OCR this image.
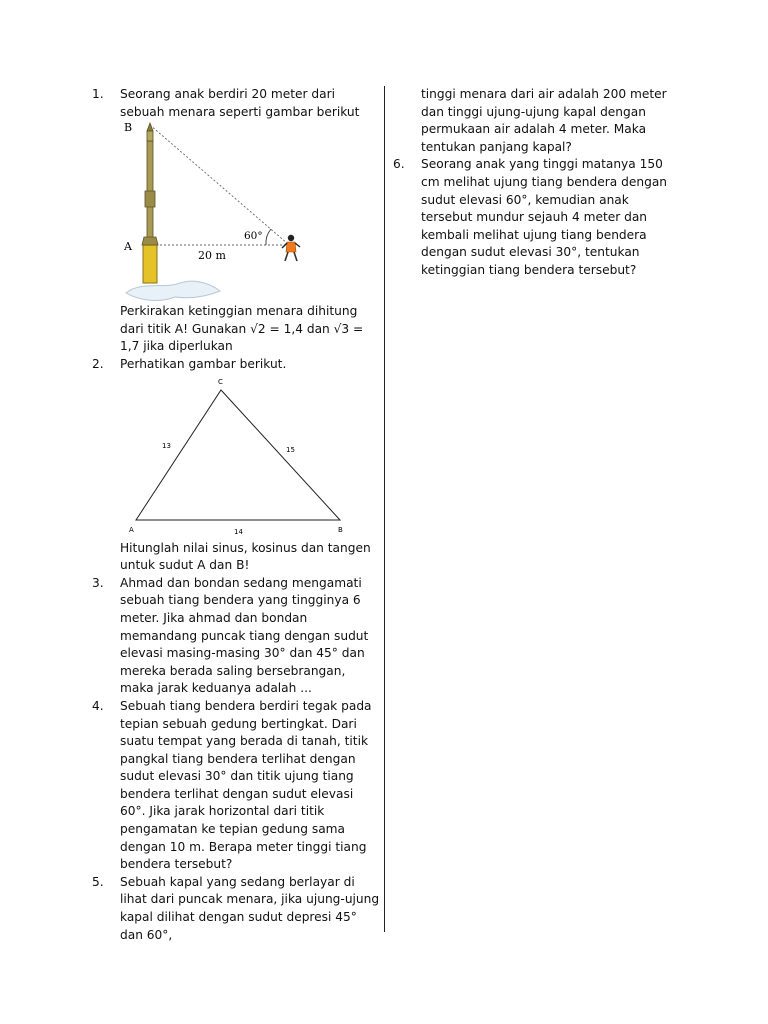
1.	Seorang anak berdiri 20 meter dari sebuah menara seperti gambar berikut

B
A
60°
20 m

Perkirakan ketinggian menara dihitung dari titik A! Gunakan √2 = 1,4 dan √3 = 1,7 jika diperlukan

2.	Perhatikan gambar berikut.

C
A	B
13	15
14

Hitunglah nilai sinus, kosinus dan tangen untuk sudut A dan B!

3.	Ahmad dan bondan sedang mengamati sebuah tiang bendera yang tingginya 6 meter. Jika ahmad dan bondan memandang puncak tiang dengan sudut elevasi masing-masing 30° dan 45° dan mereka berada saling bersebrangan, maka jarak keduanya adalah ...

4.	Sebuah tiang bendera berdiri tegak pada tepian sebuah gedung bertingkat. Dari suatu tempat yang berada di tanah, titik pangkal tiang bendera terlihat dengan sudut elevasi 30° dan titik ujung tiang bendera terlihat dengan sudut elevasi 60°. Jika jarak horizontal dari titik pengamatan ke tepian gedung sama dengan 10 m. Berapa meter tinggi tiang bendera tersebut?

5.	Sebuah kapal yang sedang berlayar di lihat dari puncak menara, jika ujung-ujung kapal dilihat dengan sudut depresi 45° dan 60°,

tinggi menara dari air adalah 200 meter dan tinggi ujung-ujung kapal dengan permukaan air adalah 4 meter. Maka tentukan panjang kapal?

6.	Seorang anak yang tinggi matanya 150 cm melihat ujung tiang bendera dengan sudut elevasi 60°, kemudian anak tersebut mundur sejauh 4 meter dan kembali melihat ujung tiang bendera dengan sudut elevasi 30°, tentukan ketinggian tiang bendera tersebut?
